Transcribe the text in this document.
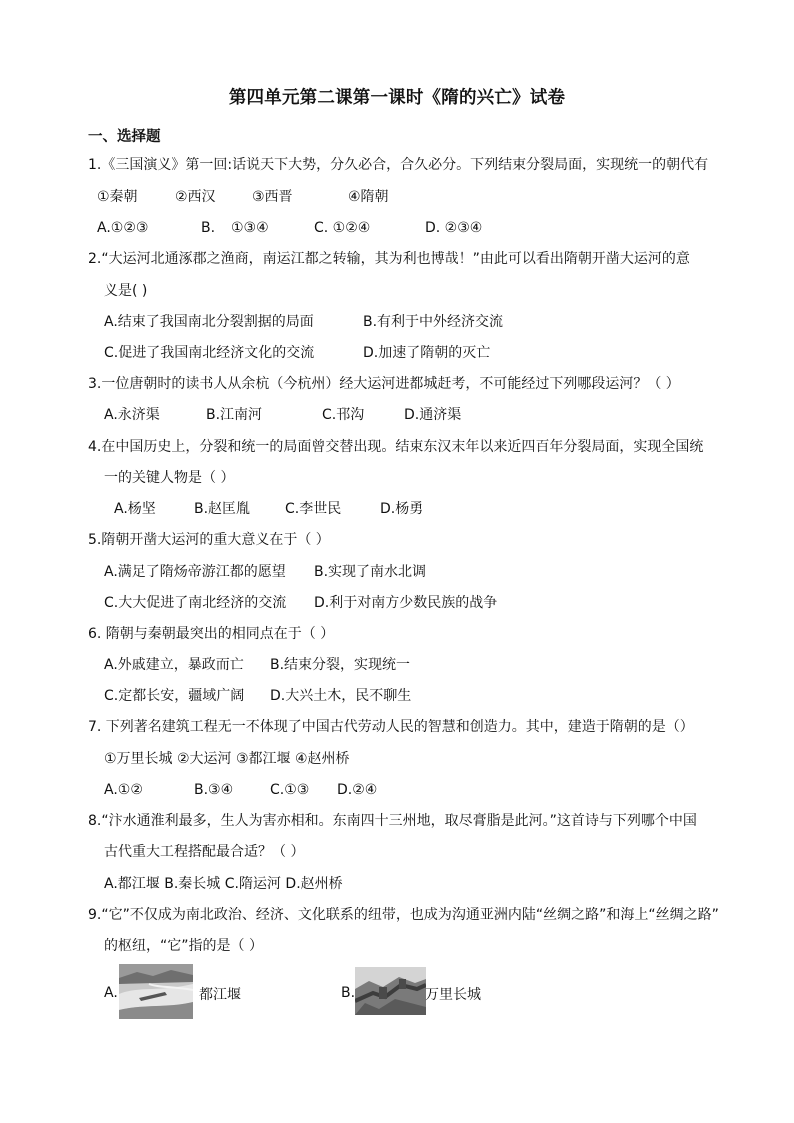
第四单元第二课第一课时《隋的兴亡》试卷
一、选择题
1.《三国演义》第一回:话说天下大势，分久必合，合久必分。下列结束分裂局面，实现统一的朝代有
①秦朝	②西汉	③西晋	④隋朝
A.①②③	B. ①③④	C. ①②④	D. ②③④
2.“大运河北通涿郡之渔商，南运江都之转输，其为利也博哉！”由此可以看出隋朝开凿大运河的意
义是( )
A.结束了我国南北分裂割据的局面	B.有利于中外经济交流
C.促进了我国南北经济文化的交流	D.加速了隋朝的灭亡
3.一位唐朝时的读书人从余杭（今杭州）经大运河进都城赶考，不可能经过下列哪段运河？（ ）
A.永济渠	B.江南河	C.邗沟	D.通济渠
4.在中国历史上，分裂和统一的局面曾交替出现。结束东汉末年以来近四百年分裂局面，实现全国统
一的关键人物是（ ）
A.杨坚	B.赵匡胤 C.李世民	D.杨勇
5.隋朝开凿大运河的重大意义在于（ ）
A.满足了隋炀帝游江都的愿望 B.实现了南水北调
C.大大促进了南北经济的交流 D.利于对南方少数民族的战争
6. 隋朝与秦朝最突出的相同点在于（ ）
A.外戚建立，暴政而亡 B.结束分裂，实现统一
C.定都长安，疆域广阔 D.大兴土木，民不聊生
7. 下列著名建筑工程无一不体现了中国古代劳动人民的智慧和创造力。其中，建造于隋朝的是（）
①万里长城 ②大运河 ③都江堰 ④赵州桥
A.①②	B.③④	C.①③ D.②④
8.“汴水通淮利最多，生人为害亦相和。东南四十三州地，取尽膏脂是此河。”这首诗与下列哪个中国
古代重大工程搭配最合适？（ ）
A.都江堰 B.秦长城 C.隋运河 D.赵州桥
9.“它”不仅成为南北政治、经济、文化联系的纽带，也成为沟通亚洲内陆“丝绸之路”和海上“丝绸之路”
的枢纽，“它”指的是（ ）
A.	都江堰	B.	万里长城
